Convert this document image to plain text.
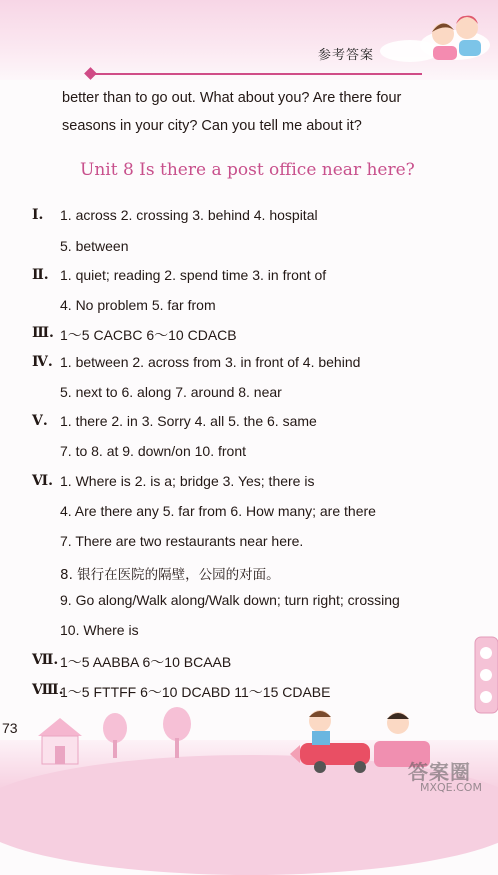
参考答案
better than to go out. What about you? Are there four
seasons in your city? Can you tell me about it?
Unit 8 Is there a post office near here?
Ⅰ. 1. across 2. crossing 3. behind 4. hospital
5. between
Ⅱ. 1. quiet; reading 2. spend time 3. in front of
4. No problem 5. far from
Ⅲ. 1～5 CACBC 6～10 CDACB
Ⅳ. 1. between 2. across from 3. in front of 4. behind
5. next to 6. along 7. around 8. near
Ⅴ. 1. there 2. in 3. Sorry 4. all 5. the 6. same
7. to 8. at 9. down/on 10. front
Ⅵ. 1. Where is 2. is a; bridge 3. Yes; there is
4. Are there any 5. far from 6. How many; are there
7. There are two restaurants near here.
8. 银行在医院的隔壁，公园的对面。
9. Go along/Walk along/Walk down; turn right; crossing
10. Where is
Ⅶ. 1～5 AABBA 6～10 BCAAB
Ⅷ.
1～5 FTTFF 6～10 DCABD 11～15 CDABE
73
答案圈
MXQE.COM
